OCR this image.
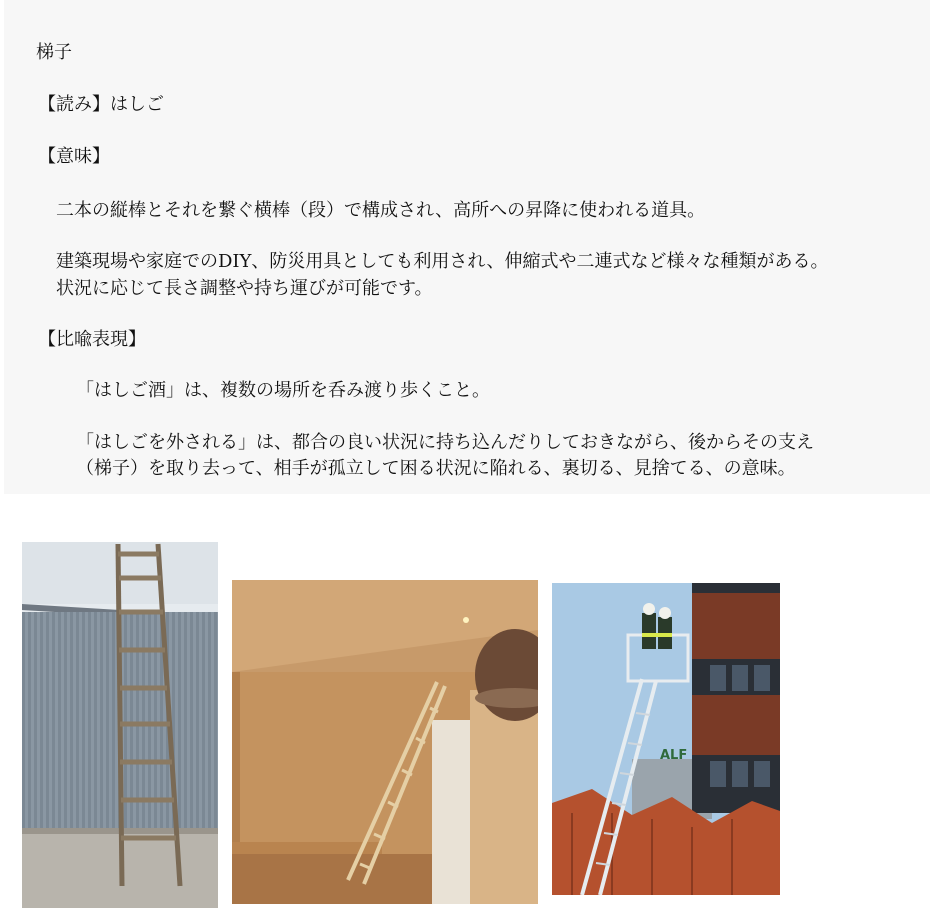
梯子
【読み】はしご
【意味】
二本の縦棒とそれを繋ぐ横棒（段）で構成され、高所への昇降に使われる道具。
建築現場や家庭でのDIY、防災用具としても利用され、伸縮式や二連式など様々な種類がある。
状況に応じて長さ調整や持ち運びが可能です。
【比喩表現】
「はしご酒」は、複数の場所を呑み渡り歩くこと。
「はしごを外される」は、都合の良い状況に持ち込んだりしておきながら、後からその支え
（梯子）を取り去って、相手が孤立して困る状況に陥れる、裏切る、見捨てる、の意味。
ALF
